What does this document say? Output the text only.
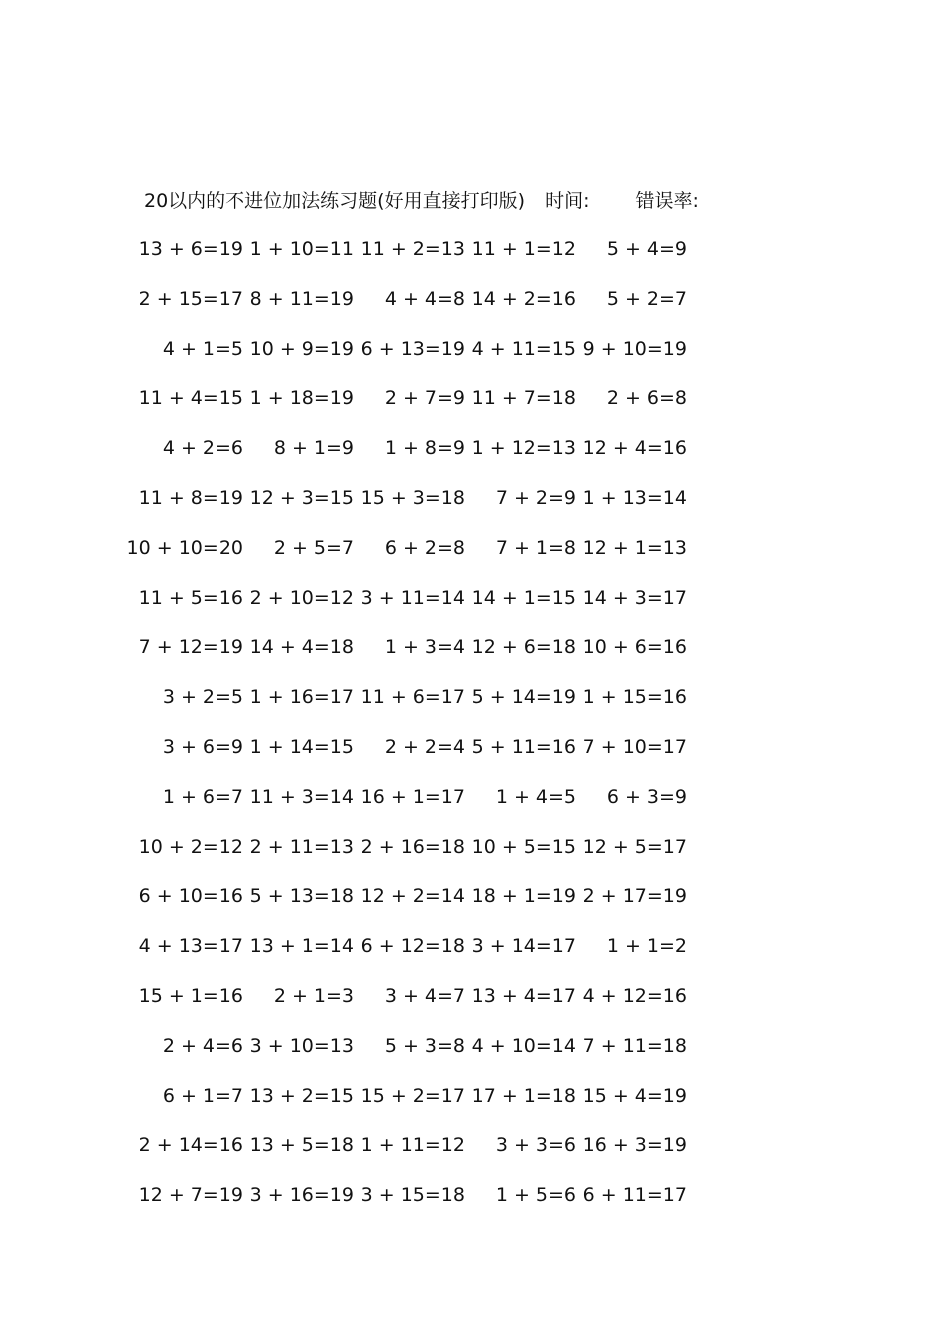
20以内的不进位加法练习题(好用直接打印版) 时间: 错误率:
13 + 6=19 1 + 10=11 11 + 2=13 11 + 1=12 5 + 4=9
2 + 15=17 8 + 11=19 4 + 4=8 14 + 2=16 5 + 2=7
4 + 1=5 10 + 9=19 6 + 13=19 4 + 11=15 9 + 10=19
11 + 4=15 1 + 18=19 2 + 7=9 11 + 7=18 2 + 6=8
4 + 2=6 8 + 1=9 1 + 8=9 1 + 12=13 12 + 4=16
11 + 8=19 12 + 3=15 15 + 3=18 7 + 2=9 1 + 13=14
10 + 10=20 2 + 5=7 6 + 2=8 7 + 1=8 12 + 1=13
11 + 5=16 2 + 10=12 3 + 11=14 14 + 1=15 14 + 3=17
7 + 12=19 14 + 4=18 1 + 3=4 12 + 6=18 10 + 6=16
3 + 2=5 1 + 16=17 11 + 6=17 5 + 14=19 1 + 15=16
3 + 6=9 1 + 14=15 2 + 2=4 5 + 11=16 7 + 10=17
1 + 6=7 11 + 3=14 16 + 1=17 1 + 4=5 6 + 3=9
10 + 2=12 2 + 11=13 2 + 16=18 10 + 5=15 12 + 5=17
6 + 10=16 5 + 13=18 12 + 2=14 18 + 1=19 2 + 17=19
4 + 13=17 13 + 1=14 6 + 12=18 3 + 14=17 1 + 1=2
15 + 1=16 2 + 1=3 3 + 4=7 13 + 4=17 4 + 12=16
2 + 4=6 3 + 10=13 5 + 3=8 4 + 10=14 7 + 11=18
6 + 1=7 13 + 2=15 15 + 2=17 17 + 1=18 15 + 4=19
2 + 14=16 13 + 5=18 1 + 11=12 3 + 3=6 16 + 3=19
12 + 7=19 3 + 16=19 3 + 15=18 1 + 5=6 6 + 11=17
